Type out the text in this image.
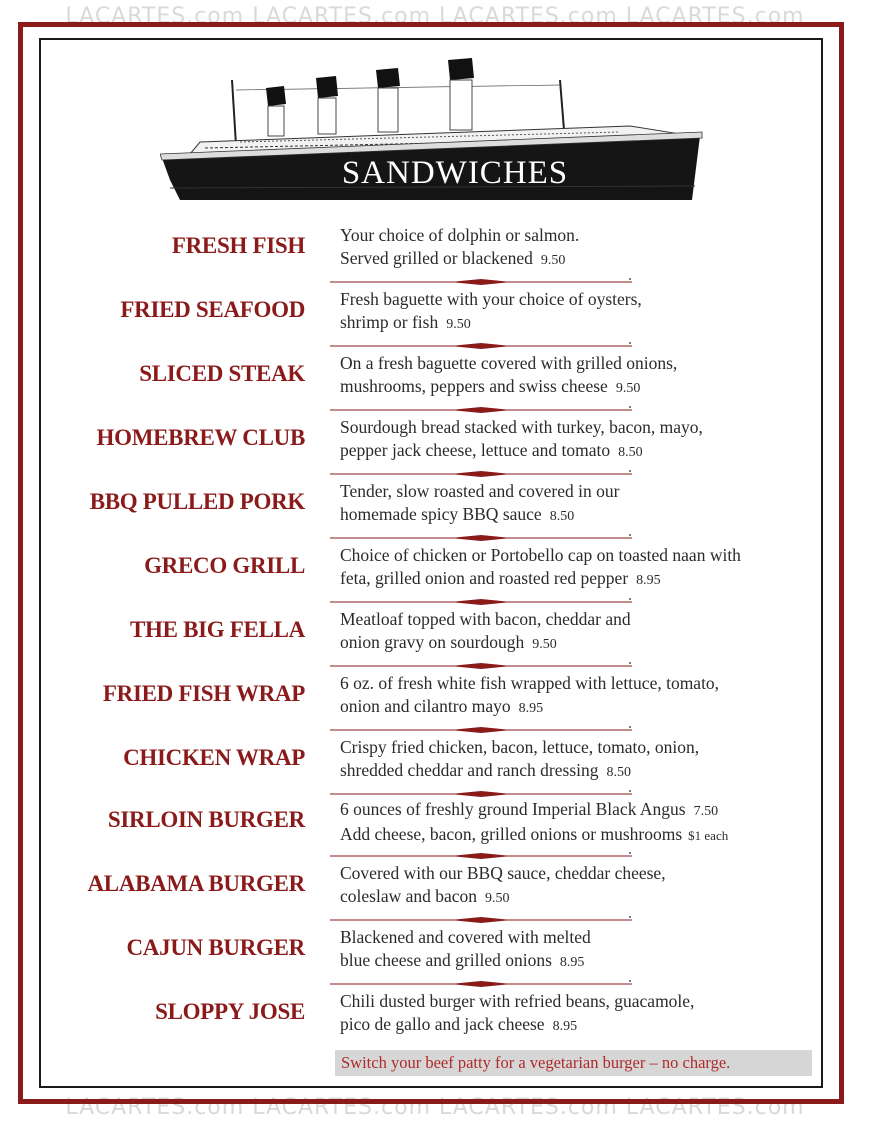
LACARTES.com LACARTES.com LACARTES.com LACARTES.com
LACARTES.com LACARTES.com LACARTES.com LACARTES.com
SANDWICHES
FRESH FISH Your choice of dolphin or salmon.
Served grilled or blackened 9.50
FRIED SEAFOOD Fresh baguette with your choice of oysters,
shrimp or fish 9.50
SLICED STEAK On a fresh baguette covered with grilled onions,
mushrooms, peppers and swiss cheese 9.50
HOMEBREW CLUB Sourdough bread stacked with turkey, bacon, mayo,
pepper jack cheese, lettuce and tomato 8.50
BBQ PULLED PORK Tender, slow roasted and covered in our
homemade spicy BBQ sauce 8.50
GRECO GRILL Choice of chicken or Portobello cap on toasted naan with
feta, grilled onion and roasted red pepper 8.95
THE BIG FELLA Meatloaf topped with bacon, cheddar and
onion gravy on sourdough 9.50
FRIED FISH WRAP 6 oz. of fresh white fish wrapped with lettuce, tomato,
onion and cilantro mayo 8.95
CHICKEN WRAP Crispy fried chicken, bacon, lettuce, tomato, onion,
shredded cheddar and ranch dressing 8.50
SIRLOIN BURGER 6 ounces of freshly ground Imperial Black Angus 7.50
Add cheese, bacon, grilled onions or mushrooms $1 each
ALABAMA BURGER Covered with our BBQ sauce, cheddar cheese,
coleslaw and bacon 9.50
CAJUN BURGER Blackened and covered with melted
blue cheese and grilled onions 8.95
SLOPPY JOSE Chili dusted burger with refried beans, guacamole,
pico de gallo and jack cheese 8.95
Switch your beef patty for a vegetarian burger – no charge.
